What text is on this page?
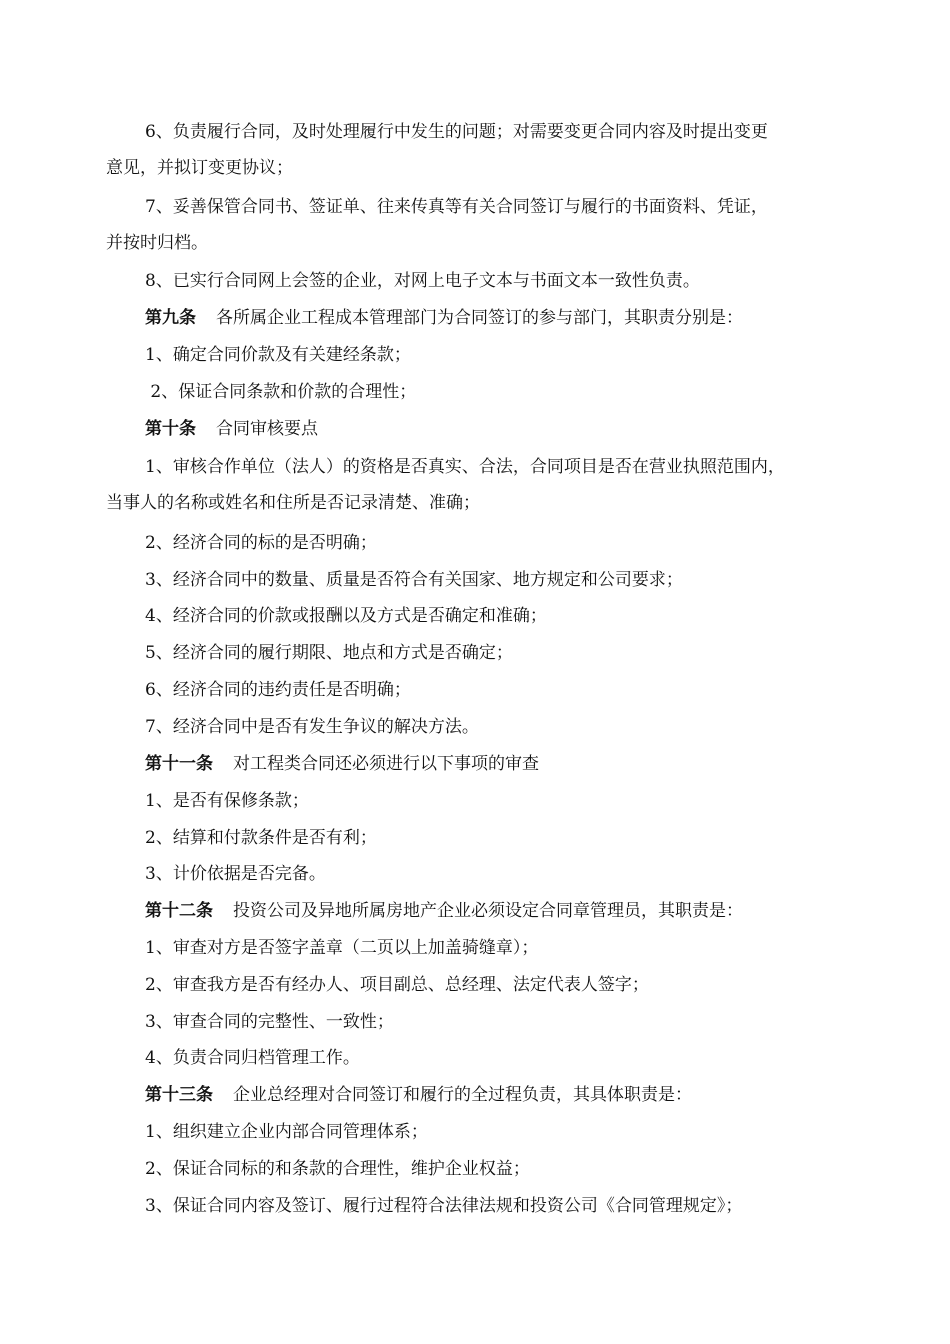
6、负责履行合同，及时处理履行中发生的问题；对需要变更合同内容及时提出变更
意见，并拟订变更协议；
7、妥善保管合同书、签证单、往来传真等有关合同签订与履行的书面资料、凭证，
并按时归档。
8、已实行合同网上会签的企业，对网上电子文本与书面文本一致性负责。
第九条 各所属企业工程成本管理部门为合同签订的参与部门，其职责分别是：
1、确定合同价款及有关建经条款；
2、保证合同条款和价款的合理性；
第十条 合同审核要点
1、审核合作单位（法人）的资格是否真实、合法，合同项目是否在营业执照范围内，
当事人的名称或姓名和住所是否记录清楚、准确；
2、经济合同的标的是否明确；
3、经济合同中的数量、质量是否符合有关国家、地方规定和公司要求；
4、经济合同的价款或报酬以及方式是否确定和准确；
5、经济合同的履行期限、地点和方式是否确定；
6、经济合同的违约责任是否明确；
7、经济合同中是否有发生争议的解决方法。
第十一条 对工程类合同还必须进行以下事项的审查
1、是否有保修条款；
2、结算和付款条件是否有利；
3、计价依据是否完备。
第十二条 投资公司及异地所属房地产企业必须设定合同章管理员，其职责是：
1、审查对方是否签字盖章（二页以上加盖骑缝章）；
2、审查我方是否有经办人、项目副总、总经理、法定代表人签字；
3、审查合同的完整性、一致性；
4、负责合同归档管理工作。
第十三条 企业总经理对合同签订和履行的全过程负责，其具体职责是：
1、组织建立企业内部合同管理体系；
2、保证合同标的和条款的合理性，维护企业权益；
3、保证合同内容及签订、履行过程符合法律法规和投资公司《合同管理规定》；
